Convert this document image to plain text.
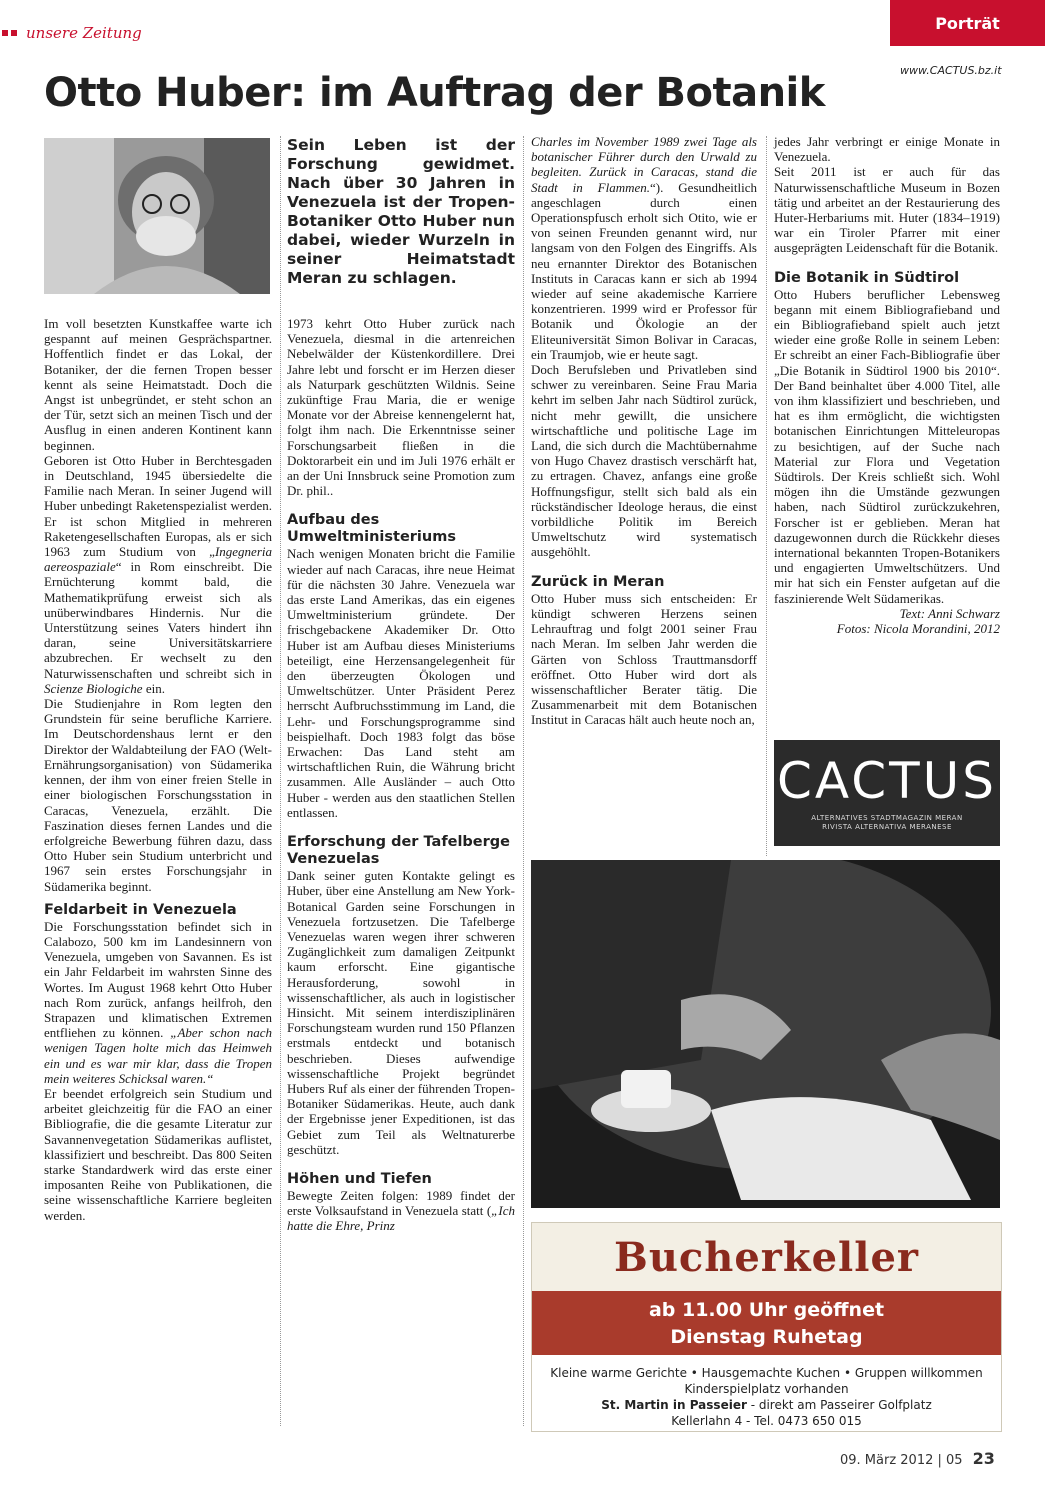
unsere Zeitung
Porträt
www.CACTUS.bz.it
Otto Huber: im Auftrag der Botanik
Sein Leben ist der Forschung gewidmet. Nach über 30 Jahren in Venezuela ist der Tropen-Botaniker Otto Huber nun dabei, wieder Wurzeln in seiner Heimatstadt Meran zu schlagen.

Im voll besetzten Kunstkaffee warte ich gespannt auf meinen Gesprächspartner. Hoffentlich findet er das Lokal, der Botaniker, der die fernen Tropen besser kennt als seine Heimatstadt. Doch die Angst ist unbegründet, er steht schon an der Tür, setzt sich an meinen Tisch und der Ausflug in einen anderen Kontinent kann beginnen.

Geboren ist Otto Huber in Berchtesgaden in Deutschland, 1945 übersiedelte die Familie nach Meran. In seiner Jugend will Huber unbedingt Raketenspezialist werden. Er ist schon Mitglied in mehreren Raketengesellschaften Europas, als er sich 1963 zum Studium von „Ingegneria aereospaziale“ in Rom einschreibt. Die Ernüchterung kommt bald, die Mathematikprüfung erweist sich als unüberwindbares Hindernis. Nur die Unterstützung seines Vaters hindert ihn daran, seine Universitätskarriere abzubrechen. Er wechselt zu den Naturwissenschaften und schreibt sich in Scienze Biologiche ein.

Die Studienjahre in Rom legten den Grundstein für seine berufliche Karriere. Im Deutschordenshaus lernt er den Direktor der Waldabteilung der FAO (Welt-Ernährungsorganisation) von Südamerika kennen, der ihm von einer freien Stelle in einer biologischen Forschungsstation in Caracas, Venezuela, erzählt. Die Faszination dieses fernen Landes und die erfolgreiche Bewerbung führen dazu, dass Otto Huber sein Studium unterbricht und 1967 sein erstes Forschungsjahr in Südamerika beginnt.

Feldarbeit in Venezuela

Die Forschungsstation befindet sich in Calabozo, 500 km im Landesinnern von Venezuela, umgeben von Savannen. Es ist ein Jahr Feldarbeit im wahrsten Sinne des Wortes. Im August 1968 kehrt Otto Huber nach Rom zurück, anfangs heilfroh, den Strapazen und klimatischen Extremen entfliehen zu können. „Aber schon nach wenigen Tagen holte mich das Heimweh ein und es war mir klar, dass die Tropen mein weiteres Schicksal waren.“

Er beendet erfolgreich sein Studium und arbeitet gleichzeitig für die FAO an einer Bibliografie, die die gesamte Literatur zur Savannenvegetation Südamerikas auflistet, klassifiziert und beschreibt. Das 800 Seiten starke Standardwerk wird das erste einer imposanten Reihe von Publikationen, die seine wissenschaftliche Karriere begleiten werden.

1973 kehrt Otto Huber zurück nach Venezuela, diesmal in die artenreichen Nebelwälder der Küstenkordillere. Drei Jahre lebt und forscht er im Herzen dieser als Naturpark geschützten Wildnis. Seine zukünftige Frau Maria, die er wenige Monate vor der Abreise kennengelernt hat, folgt ihm nach. Die Erkenntnisse seiner Forschungsarbeit fließen in die Doktorarbeit ein und im Juli 1976 erhält er an der Uni Innsbruck seine Promotion zum Dr. phil..

Aufbau des Umweltministeriums

Nach wenigen Monaten bricht die Familie wieder auf nach Caracas, ihre neue Heimat für die nächsten 30 Jahre. Venezuela war das erste Land Amerikas, das ein eigenes Umweltministerium gründete. Der frischgebackene Akademiker Dr. Otto Huber ist am Aufbau dieses Ministeriums beteiligt, eine Herzensangelegenheit für den überzeugten Ökologen und Umweltschützer. Unter Präsident Perez herrscht Aufbruchsstimmung im Land, die Lehr- und Forschungsprogramme sind beispielhaft. Doch 1983 folgt das böse Erwachen: Das Land steht am wirtschaftlichen Ruin, die Währung bricht zusammen. Alle Ausländer – auch Otto Huber - werden aus den staatlichen Stellen entlassen.

Erforschung der Tafelberge Venezuelas

Dank seiner guten Kontakte gelingt es Huber, über eine Anstellung am New York-Botanical Garden seine Forschungen in Venezuela fortzusetzen. Die Tafelberge Venezuelas waren wegen ihrer schweren Zugänglichkeit zum damaligen Zeitpunkt kaum erforscht. Eine gigantische Herausforderung, sowohl in wissenschaftlicher, als auch in logistischer Hinsicht. Mit seinem interdisziplinären Forschungsteam wurden rund 150 Pflanzen erstmals entdeckt und botanisch beschrieben. Dieses aufwendige wissenschaftliche Projekt begründet Hubers Ruf als einer der führenden Tropen-Botaniker Südamerikas. Heute, auch dank der Ergebnisse jener Expeditionen, ist das Gebiet zum Teil als Weltnaturerbe geschützt.

Höhen und Tiefen

Bewegte Zeiten folgen: 1989 findet der erste Volksaufstand in Venezuela statt („Ich hatte die Ehre, Prinz

Charles im November 1989 zwei Tage als botanischer Führer durch den Urwald zu begleiten. Zurück in Caracas, stand die Stadt in Flammen.“). Gesundheitlich angeschlagen durch einen Operationspfusch erholt sich Otito, wie er von seinen Freunden genannt wird, nur langsam von den Folgen des Eingriffs. Als neu ernannter Direktor des Botanischen Instituts in Caracas kann er sich ab 1994 wieder auf seine akademische Karriere konzentrieren. 1999 wird er Professor für Botanik und Ökologie an der Eliteuniversität Simon Bolivar in Caracas, ein Traumjob, wie er heute sagt.

Doch Berufsleben und Privatleben sind schwer zu vereinbaren. Seine Frau Maria kehrt im selben Jahr nach Südtirol zurück, nicht mehr gewillt, die unsichere wirtschaftliche und politische Lage im Land, die sich durch die Machtübernahme von Hugo Chavez drastisch verschärft hat, zu ertragen. Chavez, anfangs eine große Hoffnungsfigur, stellt sich bald als ein rückständischer Ideologe heraus, die einst vorbildliche Politik im Bereich Umweltschutz wird systematisch ausgehöhlt.

Zurück in Meran

Otto Huber muss sich entscheiden: Er kündigt schweren Herzens seinen Lehrauftrag und folgt 2001 seiner Frau nach Meran. Im selben Jahr werden die Gärten von Schloss Trauttmansdorff eröffnet. Otto Huber wird dort als wissenschaftlicher Berater tätig. Die Zusammenarbeit mit dem Botanischen Institut in Caracas hält auch heute noch an,

jedes Jahr verbringt er einige Monate in Venezuela.

Seit 2011 ist er auch für das Naturwissenschaftliche Museum in Bozen tätig und arbeitet an der Restaurierung des Huter-Herbariums mit. Huter (1834–1919) war ein Tiroler Pfarrer mit einer ausgeprägten Leidenschaft für die Botanik.

Die Botanik in Südtirol

Otto Hubers beruflicher Lebensweg begann mit einem Bibliografieband und ein Bibliografieband spielt auch jetzt wieder eine große Rolle in seinem Leben: Er schreibt an einer Fach-Bibliografie über „Die Botanik in Südtirol 1900 bis 2010“. Der Band beinhaltet über 4.000 Titel, alle von ihm klassifiziert und beschrieben, und hat es ihm ermöglicht, die wichtigsten botanischen Einrichtungen Mitteleuropas zu besichtigen, auf der Suche nach Material zur Flora und Vegetation Südtirols. Der Kreis schließt sich. Wohl mögen ihn die Umstände gezwungen haben, nach Südtirol zurückzukehren, Forscher ist er geblieben. Meran hat dazugewonnen durch die Rückkehr dieses international bekannten Tropen-Botanikers und engagierten Umweltschützers. Und mir hat sich ein Fenster aufgetan auf die faszinierende Welt Südamerikas.

Text: Anni Schwarz

Fotos: Nicola Morandini, 2012

CACTUS
ALTERNATIVES STADTMAGAZIN MERAN
RIVISTA ALTERNATIVA MERANESE
Bucherkeller
ab 11.00 Uhr geöffnet
Dienstag Ruhetag
Kleine warme Gerichte • Hausgemachte Kuchen • Gruppen willkommen
Kinderspielplatz vorhanden
St. Martin in Passeier - direkt am Passeirer Golfplatz
Kellerlahn 4 - Tel. 0473 650 015
09. März 2012 | 05 23
